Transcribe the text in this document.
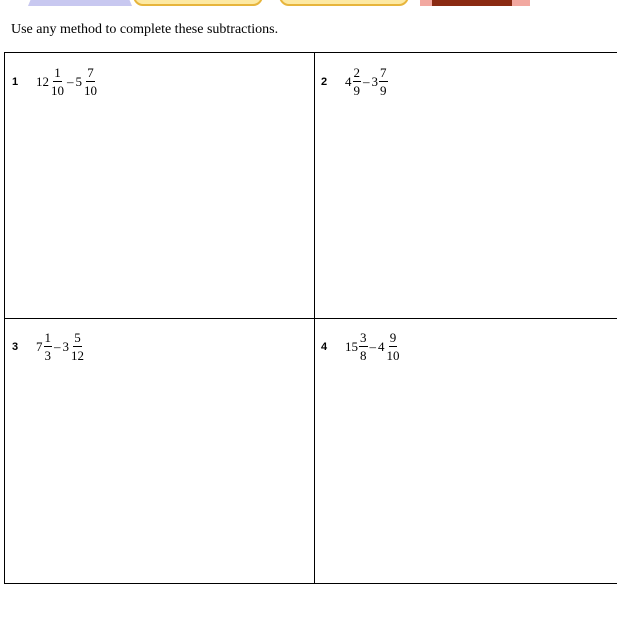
Use any method to complete these subtractions.
1	$12 \frac{1}{10} - 5 \frac{7}{10}$	2	$4 \frac{2}{9} - 3 \frac{7}{9}$
3	$7 \frac{1}{3} - 3 \frac{5}{12}$	4	$15 \frac{3}{8} - 4 \frac{9}{10}$
